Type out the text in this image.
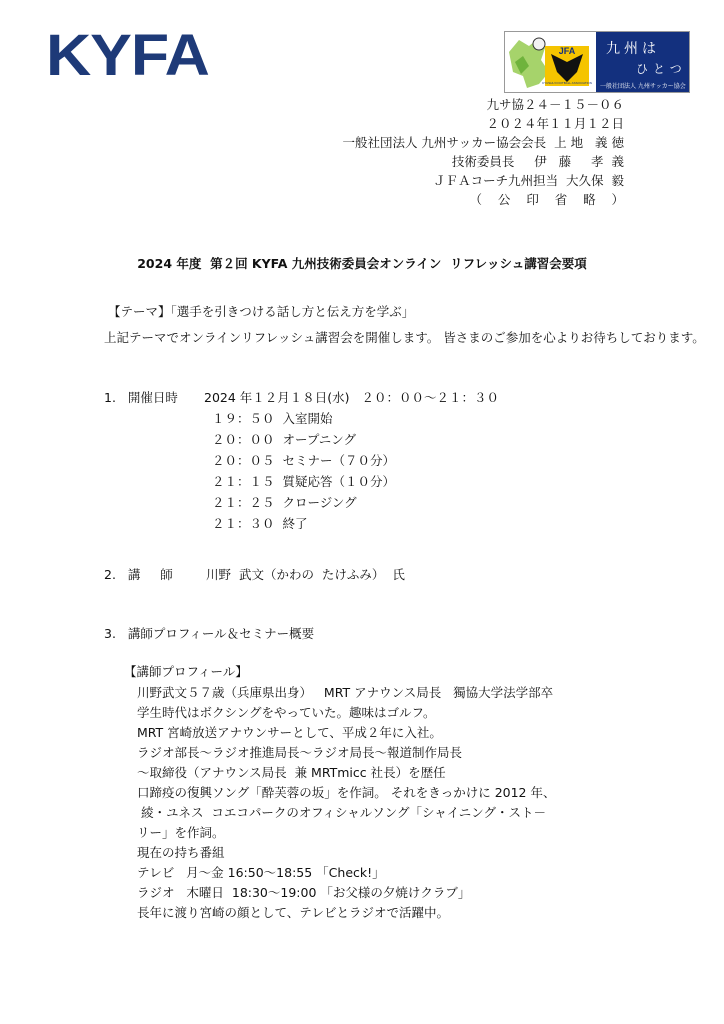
KYFA	JFA
KYUSHU FOOTBALL ASSOCIATION
九州は
ひとつ
一般社団法人 九州サッカー協会
九サ協２４－１５－０６
２０２４年１１月１２日
一般社団法人 九州サッカー協会会長  上 地   義 徳
技術委員長     伊   藤     孝  義
ＪＦＡコーチ九州担当  大久保  毅
（    公    印    省    略    ）
2024 年度  第２回 KYFA 九州技術委員会オンライン  リフレッシュ講習会要項
【テーマ】「選手を引きつける話し方と伝え方を学ぶ」
上記テーマでオンラインリフレッシュ講習会を開催します。 皆さまのご参加を心よりお待ちしております。
1.   開催日時 2024 年１２月１８日(水)   ２０：００～２１：３０
１９：５０  入室開始
２０：００  オープニング
２０：０５  セミナー（７０分）
２１：１５  質疑応答（１０分）
２１：２５  クロージング
２１：３０  終了
2.   講     師	川野  武文（かわの  たけふみ）  氏
3.   講師プロフィール＆セミナー概要
【講師プロフィール】
川野武文５７歳（兵庫県出身）   MRT アナウンス局長   獨協大学法学部卒
学生時代はボクシングをやっていた。趣味はゴルフ。
MRT 宮崎放送アナウンサーとして、平成２年に入社。
ラジオ部長～ラジオ推進局長～ラジオ局長～報道制作局長
～取締役（アナウンス局長  兼 MRTmicc 社長）を歴任
口蹄疫の復興ソング「酔芙蓉の坂」を作詞。 それをきっかけに 2012 年、
綾・ユネス  コエコパークのオフィシャルソング「シャイニング・スト－
リー」を作詞。
現在の持ち番組
テレビ   月～金 16:50～18:55 「Check!」
ラジオ   木曜日  18:30～19:00 「お父様の夕焼けクラブ」
長年に渡り宮崎の顔として、テレビとラジオで活躍中。
